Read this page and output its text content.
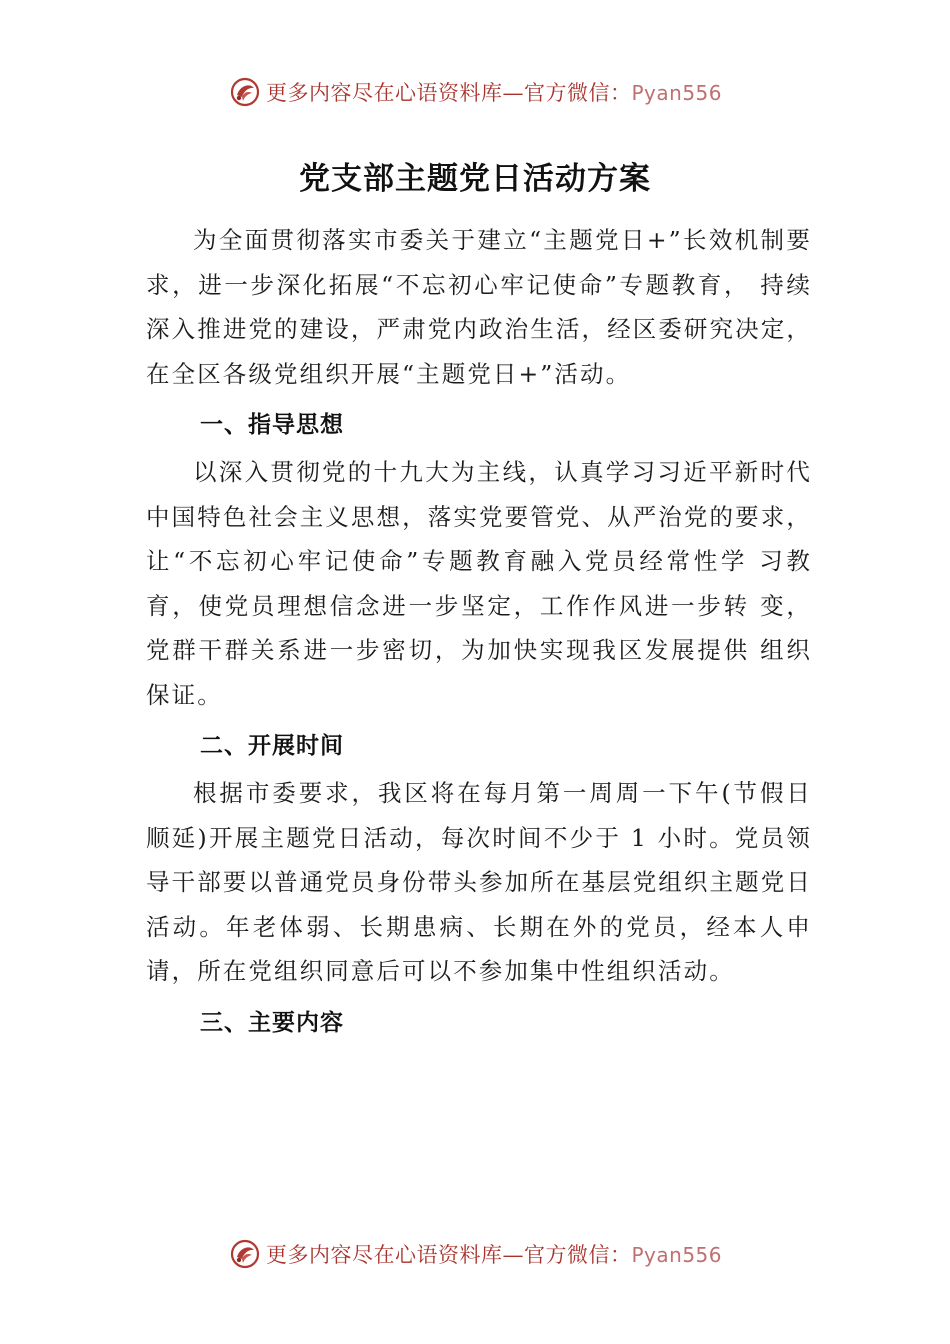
更多内容尽在心语资料库—官方微信：Pyan556
党支部主题党日活动方案

为全面贯彻落实市委关于建立“主题党日+”长效机制要求，进一步深化拓展“不忘初心牢记使命”专题教育， 持续深入推进党的建设，严肃党内政治生活，经区委研究决定，在全区各级党组织开展“主题党日+”活动。

一、指导思想

以深入贯彻党的十九大为主线，认真学习习近平新时代中国特色社会主义思想，落实党要管党、从严治党的要求，让“不忘初心牢记使命”专题教育融入党员经常性学 习教育，使党员理想信念进一步坚定，工作作风进一步转 变，党群干群关系进一步密切，为加快实现我区发展提供 组织保证。

二、开展时间

根据市委要求，我区将在每月第一周周一下午(节假日顺延)开展主题党日活动，每次时间不少于 1 小时。党员领导干部要以普通党员身份带头参加所在基层党组织主题党日活动。年老体弱、长期患病、长期在外的党员，经本人申请，所在党组织同意后可以不参加集中性组织活动。

三、主要内容

更多内容尽在心语资料库—官方微信：Pyan556
